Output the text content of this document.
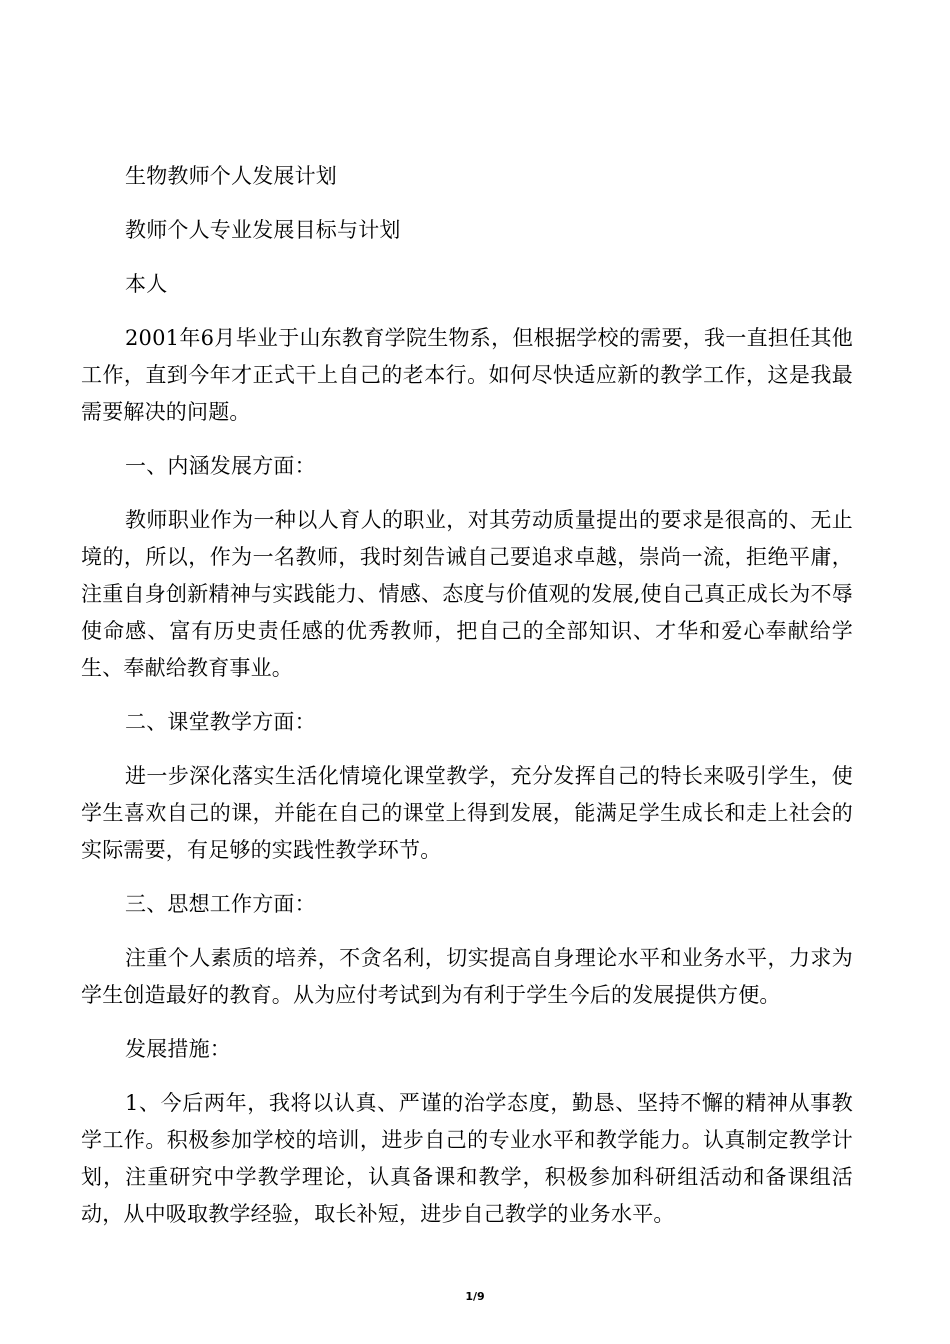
生物教师个人发展计划

教师个人专业发展目标与计划

本人

2001年6月毕业于山东教育学院生物系，但根据学校的需要，我一直担任其他工作，直到今年才正式干上自己的老本行。如何尽快适应新的教学工作，这是我最需要解决的问题。

一、内涵发展方面：

教师职业作为一种以人育人的职业，对其劳动质量提出的要求是很高的、无止境的，所以，作为一名教师，我时刻告诫自己要追求卓越，崇尚一流，拒绝平庸，注重自身创新精神与实践能力、情感、态度与价值观的发展,使自己真正成长为不辱使命感、富有历史责任感的优秀教师，把自己的全部知识、才华和爱心奉献给学生、奉献给教育事业。

二、课堂教学方面：

进一步深化落实生活化情境化课堂教学，充分发挥自己的特长来吸引学生，使学生喜欢自己的课，并能在自己的课堂上得到发展，能满足学生成长和走上社会的实际需要，有足够的实践性教学环节。

三、思想工作方面：

注重个人素质的培养，不贪名利，切实提高自身理论水平和业务水平，力求为学生创造最好的教育。从为应付考试到为有利于学生今后的发展提供方便。

发展措施：

1、今后两年，我将以认真、严谨的治学态度，勤恳、坚持不懈的精神从事教学工作。积极参加学校的培训，进步自己的专业水平和教学能力。认真制定教学计划，注重研究中学教学理论，认真备课和教学，积极参加科研组活动和备课组活动，从中吸取教学经验，取长补短，进步自己教学的业务水平。

1/9
